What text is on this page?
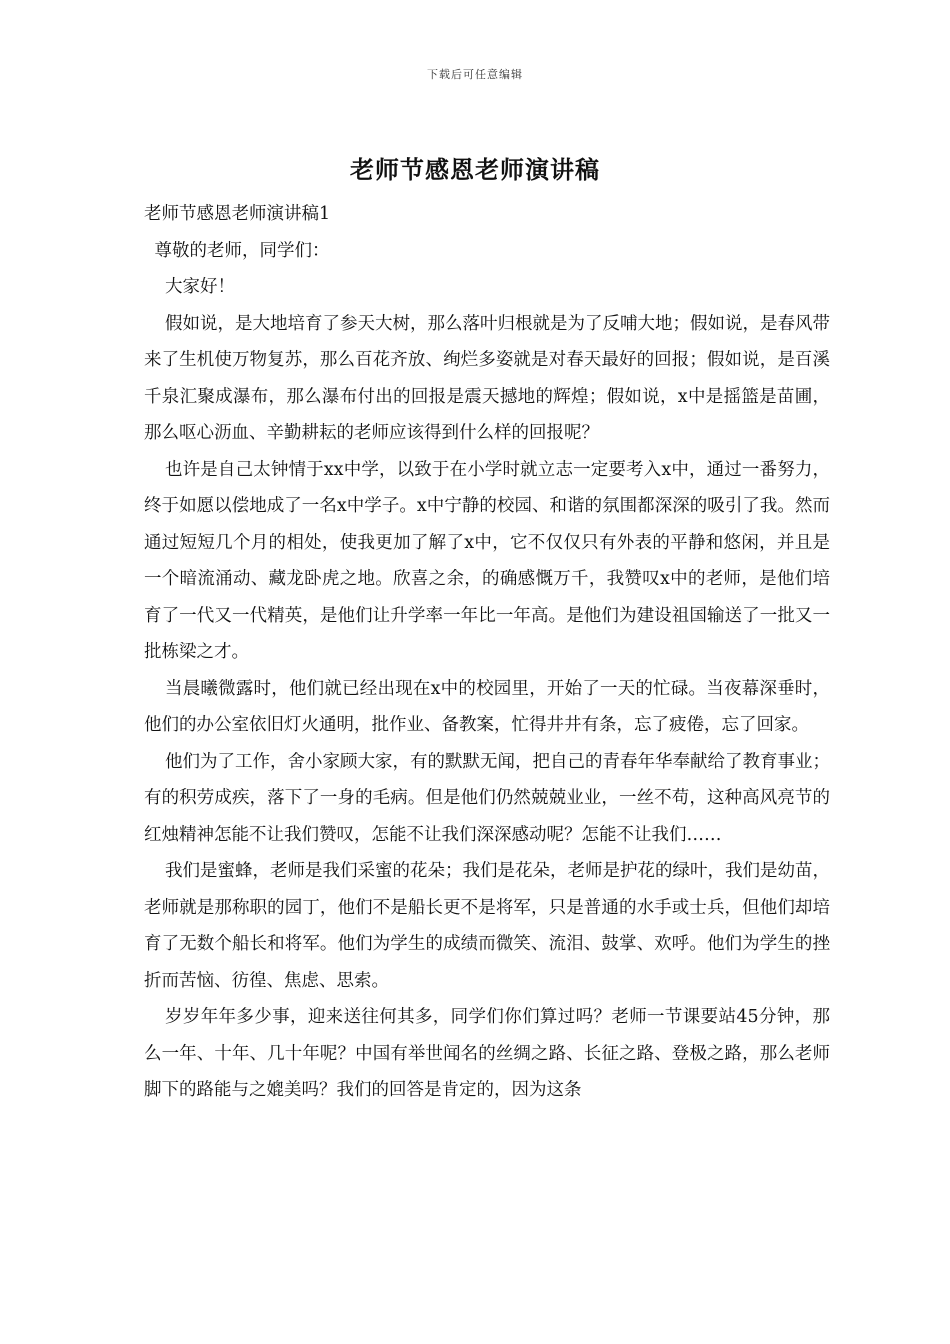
下载后可任意编辑
老师节感恩老师演讲稿

老师节感恩老师演讲稿1

尊敬的老师，同学们：

大家好！

假如说，是大地培育了参天大树，那么落叶归根就是为了反哺大地；假如说，是春风带来了生机使万物复苏，那么百花齐放、绚烂多姿就是对春天最好的回报；假如说，是百溪千泉汇聚成瀑布，那么瀑布付出的回报是震天撼地的辉煌；假如说，x中是摇篮是苗圃，那么呕心沥血、辛勤耕耘的老师应该得到什么样的回报呢？

也许是自己太钟情于xx中学，以致于在小学时就立志一定要考入x中，通过一番努力，终于如愿以偿地成了一名x中学子。x中宁静的校园、和谐的氛围都深深的吸引了我。然而通过短短几个月的相处，使我更加了解了x中，它不仅仅只有外表的平静和悠闲，并且是一个暗流涌动、藏龙卧虎之地。欣喜之余，的确感慨万千，我赞叹x中的老师，是他们培育了一代又一代精英，是他们让升学率一年比一年高。是他们为建设祖国输送了一批又一批栋梁之才。

当晨曦微露时，他们就已经出现在x中的校园里，开始了一天的忙碌。当夜幕深垂时，他们的办公室依旧灯火通明，批作业、备教案，忙得井井有条，忘了疲倦，忘了回家。

他们为了工作，舍小家顾大家，有的默默无闻，把自己的青春年华奉献给了教育事业；有的积劳成疾，落下了一身的毛病。但是他们仍然兢兢业业，一丝不苟，这种高风亮节的红烛精神怎能不让我们赞叹，怎能不让我们深深感动呢？怎能不让我们……

我们是蜜蜂，老师是我们采蜜的花朵；我们是花朵，老师是护花的绿叶，我们是幼苗，老师就是那称职的园丁，他们不是船长更不是将军，只是普通的水手或士兵，但他们却培育了无数个船长和将军。他们为学生的成绩而微笑、流泪、鼓掌、欢呼。他们为学生的挫折而苦恼、彷徨、焦虑、思索。

岁岁年年多少事，迎来送往何其多，同学们你们算过吗？老师一节课要站45分钟，那么一年、十年、几十年呢？中国有举世闻名的丝绸之路、长征之路、登极之路，那么老师脚下的路能与之媲美吗？我们的回答是肯定的，因为这条
